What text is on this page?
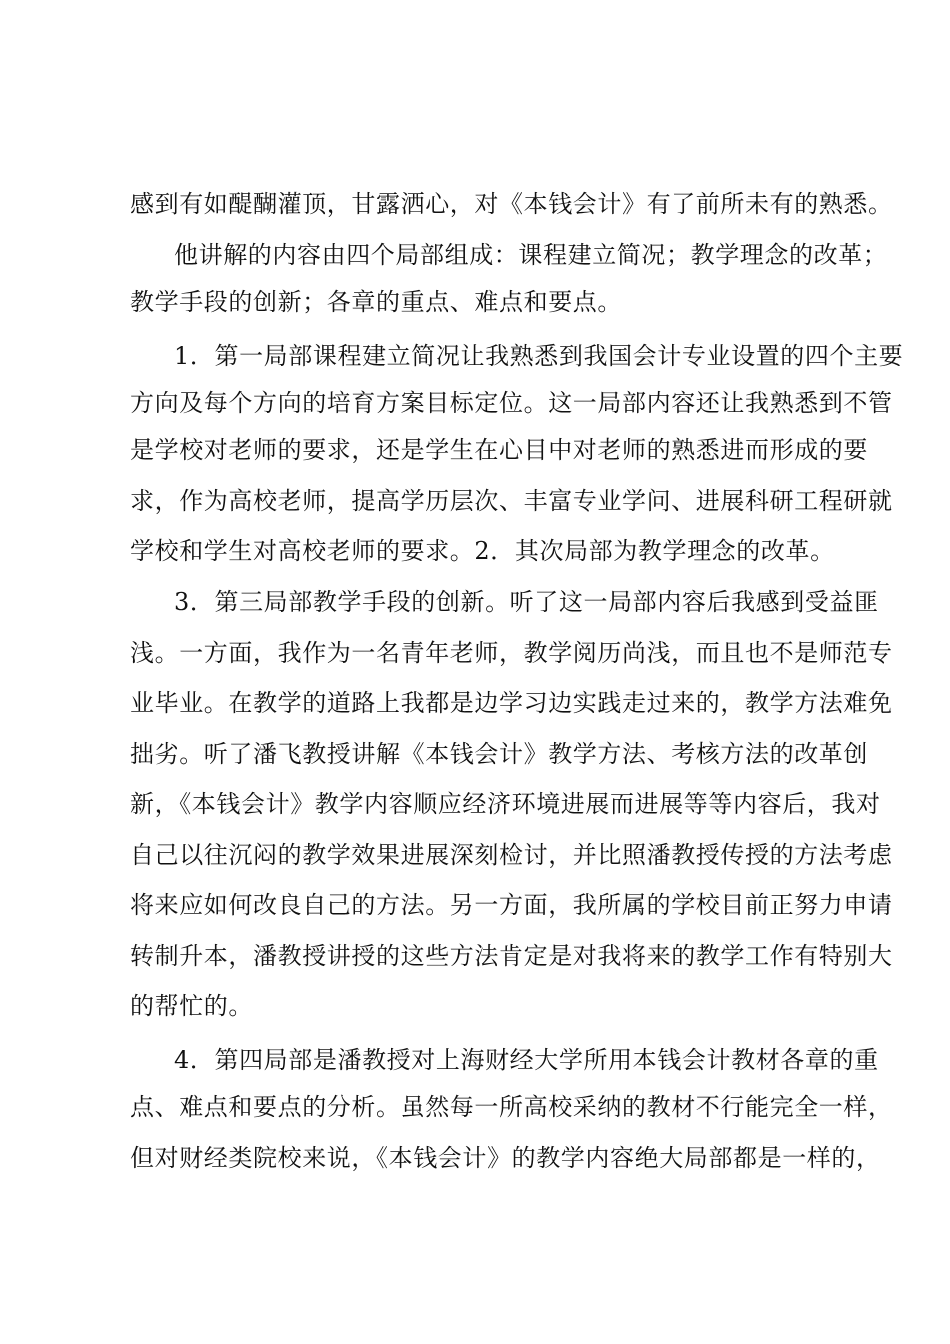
感到有如醍醐灌顶，甘露洒心，对《本钱会计》有了前所未有的熟悉。

他讲解的内容由四个局部组成：课程建立简况；教学理念的改革；

教学手段的创新；各章的重点、难点和要点。

1．第一局部课程建立简况让我熟悉到我国会计专业设置的四个主要

方向及每个方向的培育方案目标定位。这一局部内容还让我熟悉到不管

是学校对老师的要求，还是学生在心目中对老师的熟悉进而形成的要

求，作为高校老师，提高学历层次、丰富专业学问、进展科研工程研就

学校和学生对高校老师的要求。2．其次局部为教学理念的改革。

3．第三局部教学手段的创新。听了这一局部内容后我感到受益匪

浅。一方面，我作为一名青年老师，教学阅历尚浅，而且也不是师范专

业毕业。在教学的道路上我都是边学习边实践走过来的，教学方法难免

拙劣。听了潘飞教授讲解《本钱会计》教学方法、考核方法的改革创

新，《本钱会计》教学内容顺应经济环境进展而进展等等内容后，我对

自己以往沉闷的教学效果进展深刻检讨，并比照潘教授传授的方法考虑

将来应如何改良自己的方法。另一方面，我所属的学校目前正努力申请

转制升本，潘教授讲授的这些方法肯定是对我将来的教学工作有特别大

的帮忙的。

4．第四局部是潘教授对上海财经大学所用本钱会计教材各章的重

点、难点和要点的分析。虽然每一所高校采纳的教材不行能完全一样，

但对财经类院校来说，《本钱会计》的教学内容绝大局部都是一样的，
